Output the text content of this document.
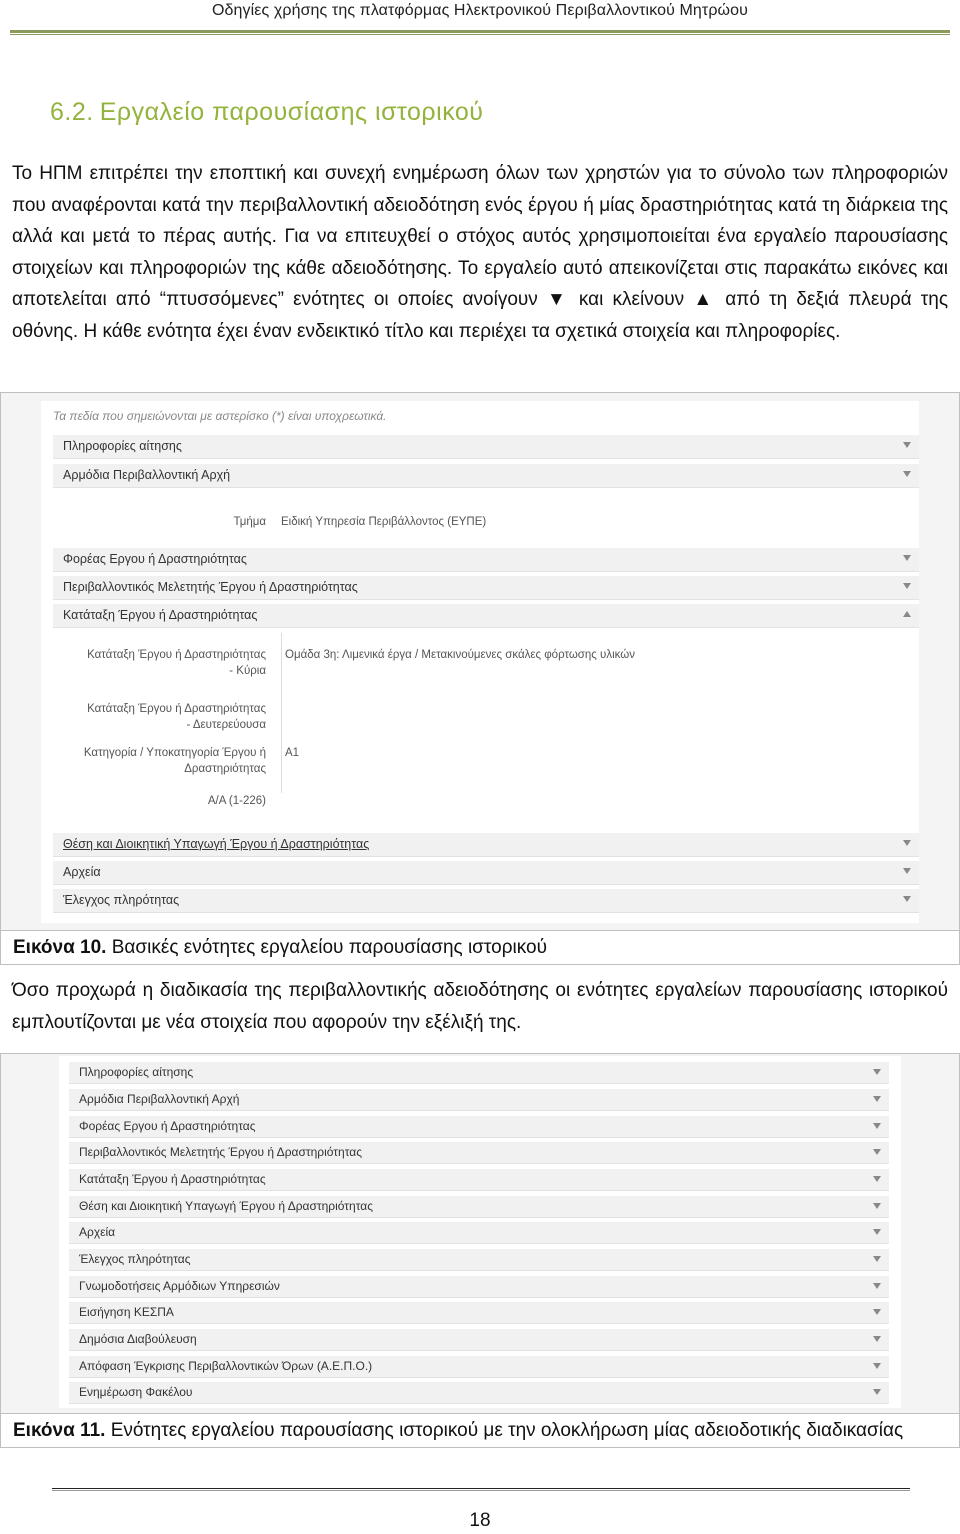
Οδηγίες χρήσης της πλατφόρμας Ηλεκτρονικού Περιβαλλοντικού Μητρώου
6.2. Εργαλείο παρουσίασης ιστορικού
Το ΗΠΜ επιτρέπει την εποπτική και συνεχή ενημέρωση όλων των χρηστών για το σύνολο των πληροφοριών που αναφέρονται κατά την περιβαλλοντική αδειοδότηση ενός έργου ή μίας δραστηριότητας κατά τη διάρκεια της αλλά και μετά το πέρας αυτής. Για να επιτευχθεί ο στόχος αυτός χρησιμοποιείται ένα εργαλείο παρουσίασης στοιχείων και πληροφοριών της κάθε αδειοδότησης. Το εργαλείο αυτό απεικονίζεται στις παρακάτω εικόνες και αποτελείται από “πτυσσόμενες” ενότητες οι οποίες ανοίγουν ▼ και κλείνουν ▲ από τη δεξιά πλευρά της οθόνης. Η κάθε ενότητα έχει έναν ενδεικτικό τίτλο και περιέχει τα σχετικά στοιχεία και πληροφορίες.
Τα πεδία που σημειώνονται με αστερίσκο (*) είναι υποχρεωτικά.
Πληροφορίες αίτησης
Αρμόδια Περιβαλλοντική Αρχή
Τμήμα Ειδική Υπηρεσία Περιβάλλοντος (ΕΥΠΕ)
Φορέας Εργου ή Δραστηριότητας
Περιβαλλοντικός Μελετητής Έργου ή Δραστηριότητας
Κατάταξη Έργου ή Δραστηριότητας
Κατάταξη Έργου ή Δραστηριότητας - Κύρια
Ομάδα 3η: Λιμενικά έργα / Μετακινούμενες σκάλες φόρτωσης υλικών
Κατάταξη Έργου ή Δραστηριότητας - Δευτερεύουσα
Κατηγορία / Υποκατηγορία Έργου ή Δραστηριότητας
Α1
Α/Α (1-226)
Θέση και Διοικητική Υπαγωγή Έργου ή Δραστηριότητας
Αρχεία
Έλεγχος πληρότητας
Εικόνα 10. Βασικές ενότητες εργαλείου παρουσίασης ιστορικού
Όσο προχωρά η διαδικασία της περιβαλλοντικής αδειοδότησης οι ενότητες εργαλείων παρουσίασης ιστορικού εμπλουτίζονται με νέα στοιχεία που αφορούν την εξέλιξή της.
Πληροφορίες αίτησης
Αρμόδια Περιβαλλοντική Αρχή
Φορέας Εργου ή Δραστηριότητας
Περιβαλλοντικός Μελετητής Έργου ή Δραστηριότητας
Κατάταξη Έργου ή Δραστηριότητας
Θέση και Διοικητική Υπαγωγή Έργου ή Δραστηριότητας
Αρχεία
Έλεγχος πληρότητας
Γνωμοδοτήσεις Αρμόδιων Υπηρεσιών
Εισήγηση ΚΕΣΠΑ
Δημόσια Διαβούλευση
Απόφαση Έγκρισης Περιβαλλοντικών Όρων (Α.Ε.Π.Ο.)
Ενημέρωση Φακέλου
Εικόνα 11. Ενότητες εργαλείου παρουσίασης ιστορικού με την ολοκλήρωση μίας αδειοδοτικής διαδικασίας
18
